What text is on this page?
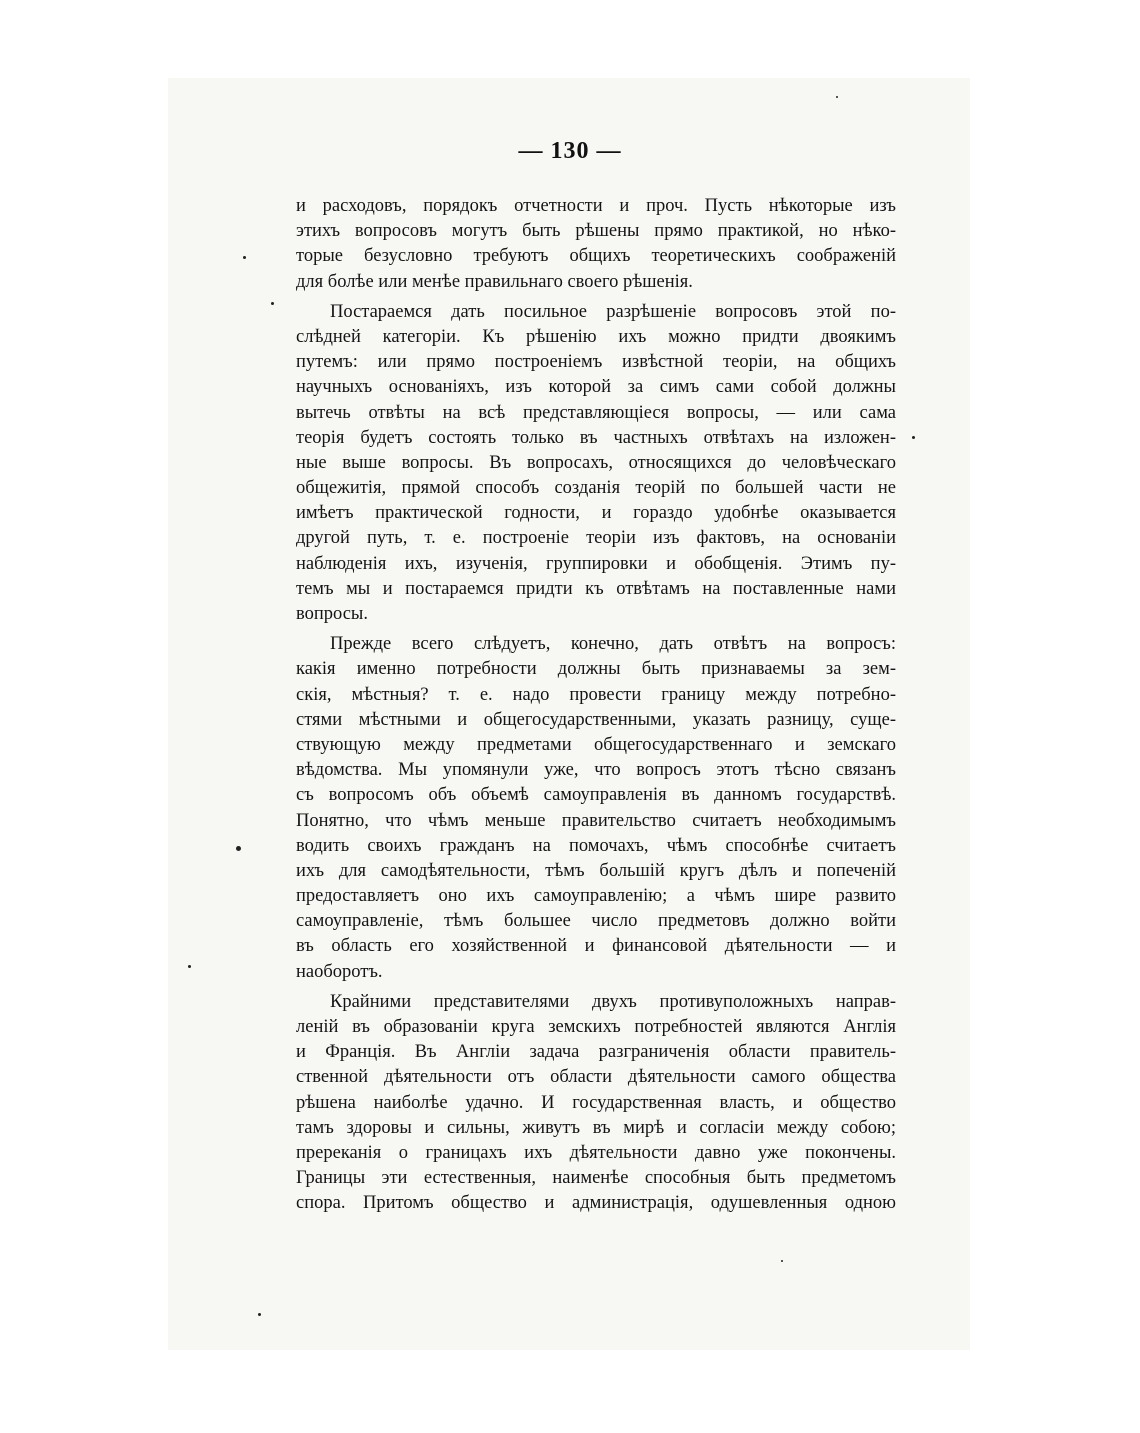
— 130 —
и расходовъ, порядокъ отчетности и проч. Пусть нѣкоторые изъ
этихъ вопросовъ могутъ быть рѣшены прямо практикой, но нѣко-
торые безусловно требуютъ общихъ теоретическихъ соображеній
для болѣе или менѣе правильнаго своего рѣшенія.
Постараемся дать посильное разрѣшеніе вопросовъ этой по-
слѣдней категоріи. Къ рѣшенію ихъ можно придти двоякимъ
путемъ: или прямо построеніемъ извѣстной теоріи, на общихъ
научныхъ основаніяхъ, изъ которой за симъ сами собой должны
вытечь отвѣты на всѣ представляющіеся вопросы, — или сама
теорія будетъ состоять только въ частныхъ отвѣтахъ на изложен-
ные выше вопросы. Въ вопросахъ, относящихся до человѣческаго
общежитія, прямой способъ созданія теорій по большей части не
имѣетъ практической годности, и гораздо удобнѣе оказывается
другой путь, т. е. построеніе теоріи изъ фактовъ, на основаніи
наблюденія ихъ, изученія, группировки и обобщенія. Этимъ пу-
темъ мы и постараемся придти къ отвѣтамъ на поставленные нами
вопросы.
Прежде всего слѣдуетъ, конечно, дать отвѣтъ на вопросъ:
какія именно потребности должны быть признаваемы за зем-
скія, мѣстныя? т. е. надо провести границу между потребно-
стями мѣстными и общегосударственными, указать разницу, суще-
ствующую между предметами общегосударственнаго и земскаго
вѣдомства. Мы упомянули уже, что вопросъ этотъ тѣсно связанъ
съ вопросомъ объ объемѣ самоуправленія въ данномъ государствѣ.
Понятно, что чѣмъ меньше правительство считаетъ необходимымъ
водить своихъ гражданъ на помочахъ, чѣмъ способнѣе считаетъ
ихъ для самодѣятельности, тѣмъ большій кругъ дѣлъ и попеченій
предоставляетъ оно ихъ самоуправленію; а чѣмъ шире развито
самоуправленіе, тѣмъ большее число предметовъ должно войти
въ область его хозяйственной и финансовой дѣятельности — и
наоборотъ.
Крайними представителями двухъ противуположныхъ направ-
леній въ образованіи круга земскихъ потребностей являются Англія
и Франція. Въ Англіи задача разграниченія области правитель-
ственной дѣятельности отъ области дѣятельности самого общества
рѣшена наиболѣе удачно. И государственная власть, и общество
тамъ здоровы и сильны, живутъ въ мирѣ и согласіи между собою;
пререканія о границахъ ихъ дѣятельности давно уже покончены.
Границы эти естественныя, наименѣе способныя быть предметомъ
спора. Притомъ общество и администрація, одушевленныя одною
